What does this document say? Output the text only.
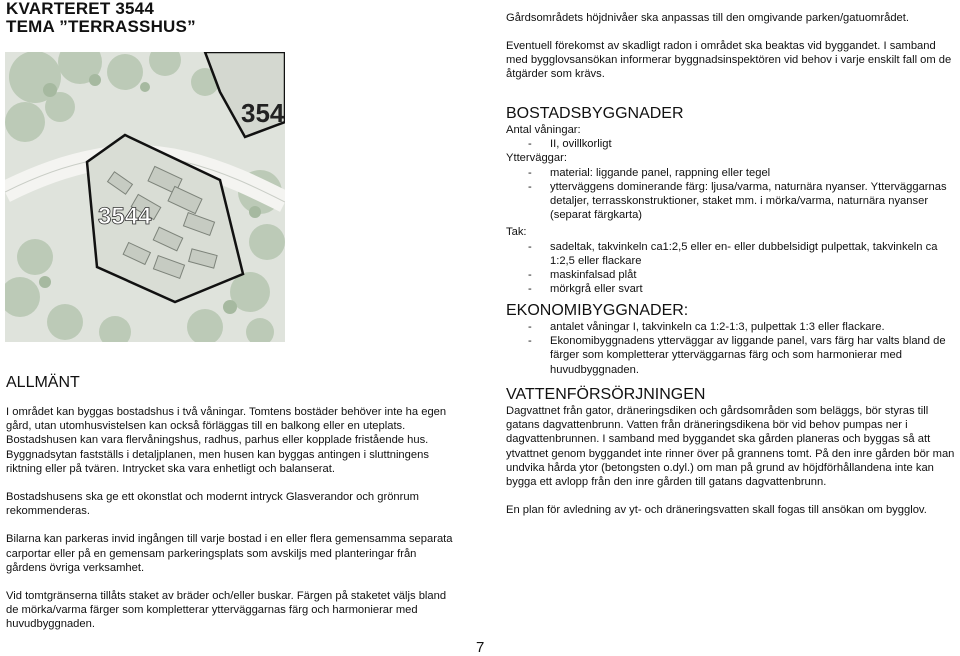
KVARTERET 3544
TEMA ”TERRASSHUS”
354
3544
Gårdsområdets höjdnivåer ska anpassas till den omgivande parken/gatuområdet.
Eventuell förekomst av skadligt radon i området ska beaktas vid byggandet. I samband med bygglovsansökan informerar byggnadsinspektören vid behov i varje enskilt fall om de åtgärder som krävs.
BOSTADSBYGGNADER
Antal våningar:
- II, ovillkorligt
Ytterväggar:
- material: liggande panel, rappning eller tegel
- ytterväggens dominerande färg: ljusa/varma, naturnära nyanser. Ytterväggarnas detaljer, terrasskonstruktioner, staket mm. i mörka/varma, naturnära nyanser (separat färgkarta)
Tak:
- sadeltak, takvinkeln ca1:2,5 eller en- eller dubbelsidigt pulpettak, takvinkeln ca 1:2,5 eller flackare
- maskinfalsad plåt
- mörkgrå eller svart
EKONOMIBYGGNADER:
- antalet våningar I, takvinkeln ca 1:2-1:3, pulpettak 1:3 eller flackare.
- Ekonomibyggnadens ytterväggar av liggande panel, vars färg har valts bland de färger som kompletterar ytterväggarnas färg och som harmonierar med huvudbyggnaden.
VATTENFÖRSÖRJNINGEN
Dagvattnet från gator, dräneringsdiken och gårdsområden som beläggs, bör styras till gatans dagvattenbrunn. Vatten från dräneringsdikena bör vid behov pumpas ner i dagvattenbrunnen. I samband med byggandet ska gården planeras och byggas så att ytvattnet genom byggandet inte rinner över på grannens tomt. På den inre gården bör man undvika hårda ytor (betongsten o.dyl.) om man på grund av höjdförhållandena inte kan bygga ett avlopp från den inre gården till gatans dagvattenbrunn.
En plan för avledning av yt- och dräneringsvatten skall fogas till ansökan om bygglov.
ALLMÄNT
I området kan byggas bostadshus i två våningar. Tomtens bostäder behöver inte ha egen gård, utan utomhusvistelsen kan också förläggas till en balkong eller en uteplats. Bostadshusen kan vara flervåningshus, radhus, parhus eller kopplade fristående hus. Byggnadsytan fastställs i detaljplanen, men husen kan byggas antingen i sluttningens riktning eller på tvären. Intrycket ska vara enhetligt och balanserat.
Bostadshusens ska ge ett okonstlat och modernt intryck Glasverandor och grönrum rekommenderas.
Bilarna kan parkeras invid ingången till varje bostad i en eller flera gemensamma separata carportar eller på en gemensam parkeringsplats som avskiljs med planteringar från gårdens övriga verksamhet.
Vid tomtgränserna tillåts staket av bräder och/eller buskar. Färgen på staketet väljs bland de mörka/varma färger som kompletterar ytterväggarnas färg och harmonierar med huvudbyggnaden.
7
